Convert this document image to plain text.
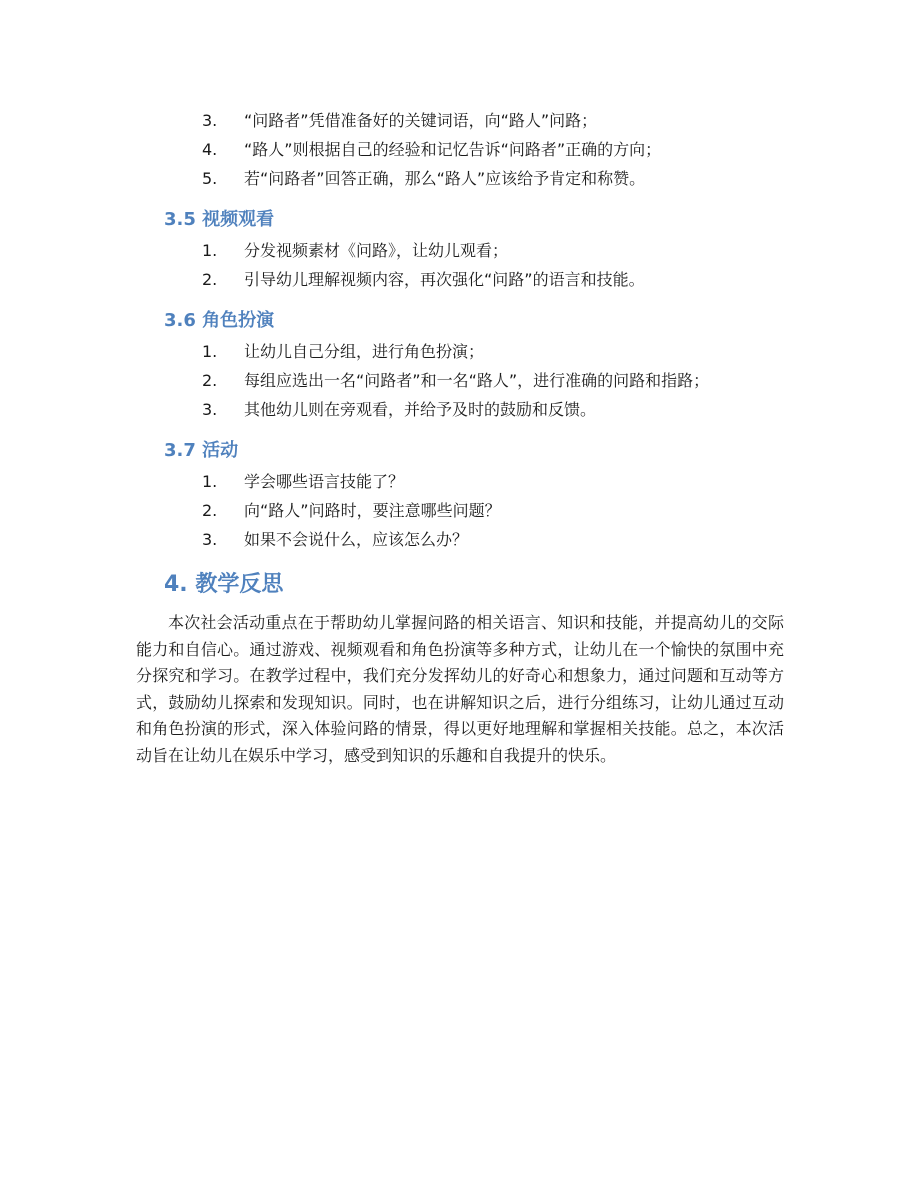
3.	“问路者”凭借准备好的关键词语，向“路人”问路；
4.	“路人”则根据自己的经验和记忆告诉“问路者”正确的方向；
5.	若“问路者”回答正确，那么“路人”应该给予肯定和称赞。
3.5 视频观看
1.	分发视频素材《问路》，让幼儿观看；
2.	引导幼儿理解视频内容，再次强化“问路”的语言和技能。
3.6 角色扮演
1.	让幼儿自己分组，进行角色扮演；
2.	每组应选出一名“问路者”和一名“路人”，进行准确的问路和指路；
3.	其他幼儿则在旁观看，并给予及时的鼓励和反馈。
3.7 活动
1.	学会哪些语言技能了？
2.	向“路人”问路时，要注意哪些问题？
3.	如果不会说什么，应该怎么办？
4. 教学反思

本次社会活动重点在于帮助幼儿掌握问路的相关语言、知识和技能，并提高幼儿的交际能力和自信心。通过游戏、视频观看和角色扮演等多种方式，让幼儿在一个愉快的氛围中充分探究和学习。在教学过程中，我们充分发挥幼儿的好奇心和想象力，通过问题和互动等方式，鼓励幼儿探索和发现知识。同时，也在讲解知识之后，进行分组练习，让幼儿通过互动和角色扮演的形式，深入体验问路的情景，得以更好地理解和掌握相关技能。总之，本次活动旨在让幼儿在娱乐中学习，感受到知识的乐趣和自我提升的快乐。
